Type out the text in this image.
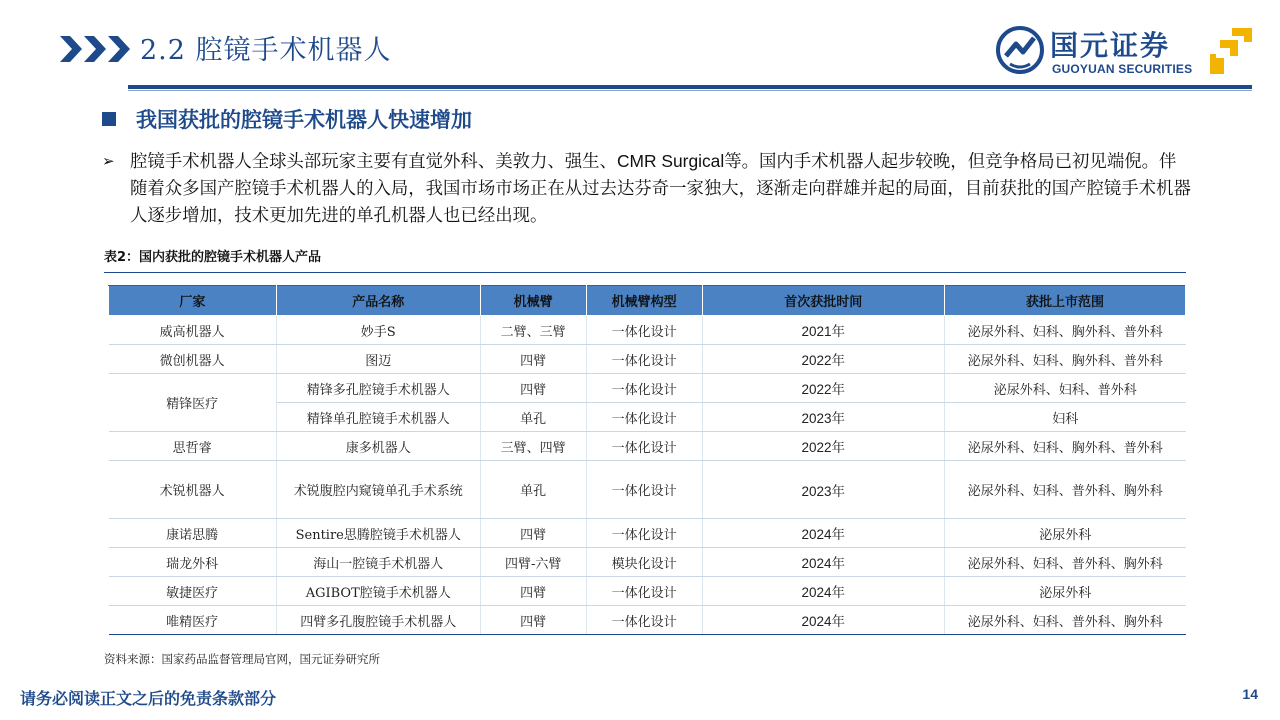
2.2 腔镜手术机器人	国元证券
GUOYUAN SECURITIES
我国获批的腔镜手术机器人快速增加
➢ 腔镜手术机器人全球头部玩家主要有直觉外科、美敦力、强生、CMR Surgical等。国内手术机器人起步较晚，但竞争格局已初见端倪。伴随着众多国产腔镜手术机器人的入局，我国市场市场正在从过去达芬奇一家独大，逐渐走向群雄并起的局面，目前获批的国产腔镜手术机器人逐步增加，技术更加先进的单孔机器人也已经出现。
表2：国内获批的腔镜手术机器人产品
厂家	产品名称	机械臂	机械臂构型	首次获批时间	获批上市范围
威高机器人	妙手S	二臂、三臂	一体化设计	2021年	泌尿外科、妇科、胸外科、普外科
微创机器人	图迈	四臂	一体化设计	2022年	泌尿外科、妇科、胸外科、普外科
精锋医疗	精锋多孔腔镜手术机器人	四臂	一体化设计	2022年	泌尿外科、妇科、普外科
	精锋单孔腔镜手术机器人	单孔	一体化设计	2023年	妇科
思哲睿	康多机器人	三臂、四臂	一体化设计	2022年	泌尿外科、妇科、胸外科、普外科
术锐机器人	术锐腹腔内窥镜单孔手术系统	单孔	一体化设计	2023年	泌尿外科、妇科、普外科、胸外科
康诺思腾	Sentire思腾腔镜手术机器人	四臂	一体化设计	2024年	泌尿外科
瑞龙外科	海山一腔镜手术机器人	四臂-六臂	模块化设计	2024年	泌尿外科、妇科、普外科、胸外科
敏捷医疗	AGIBOT腔镜手术机器人	四臂	一体化设计	2024年	泌尿外科
唯精医疗	四臂多孔腹腔镜手术机器人	四臂	一体化设计	2024年	泌尿外科、妇科、普外科、胸外科
资料来源：国家药品监督管理局官网，国元证券研究所
请务必阅读正文之后的免责条款部分	14
